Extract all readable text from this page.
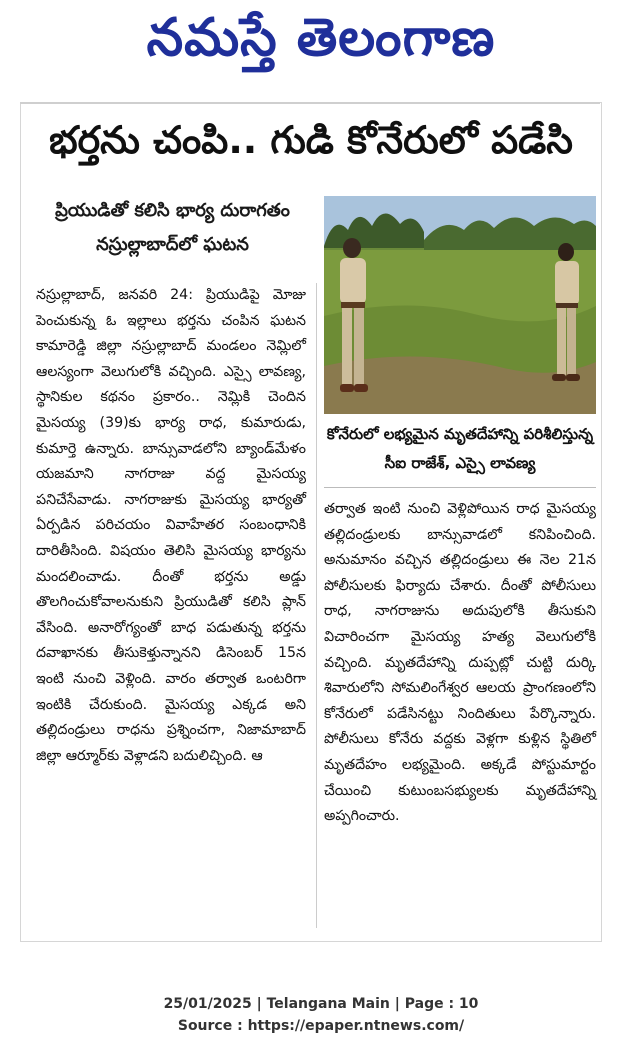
నమస్తే తెలంగాణ
భర్తను చంపి.. గుడి కోనేరులో పడేసి
ప్రియుడితో కలిసి భార్య దురాగతం
నస్రుల్లాబాద్‌లో ఘటన
కోనేరులో లభ్యమైన మృతదేహాన్ని పరిశీలిస్తున్న సీఐ రాజేశ్, ఎస్సై లావణ్య
నస్రుల్లాబాద్, జనవరి 24: ప్రియుడిపై మోజు పెంచుకున్న ఓ ఇల్లాలు భర్తను చంపిన ఘటన కామారెడ్డి జిల్లా నస్రుల్లాబాద్ మండలం నెమ్లిలో ఆలస్యంగా వెలుగులోకి వచ్చింది. ఎస్సై లావణ్య, స్థానికుల కథనం ప్రకారం.. నెమ్లికి చెందిన మైసయ్య (39)కు భార్య రాధ, కుమారుడు, కుమార్తె ఉన్నారు. బాన్సువాడలోని బ్యాండ్‌మేళం యజమాని నాగరాజు వద్ద మైసయ్య పనిచేసేవాడు. నాగరాజుకు మైసయ్య భార్యతో ఏర్పడిన పరిచయం వివాహేతర సంబంధానికి దారితీసింది. విషయం తెలిసి మైసయ్య భార్యను మందలించాడు. దీంతో భర్తను అడ్డు తొలగించుకోవాలనుకుని ప్రియుడితో కలిసి ప్లాన్ వేసింది. అనారోగ్యంతో బాధ పడుతున్న భర్తను దవాఖానకు తీసుకెళ్తున్నానని డిసెంబర్ 15న ఇంటి నుంచి వెళ్లింది. వారం తర్వాత ఒంటరిగా ఇంటికి చేరుకుంది. మైసయ్య ఎక్కడ అని తల్లిదండ్రులు రాధను ప్రశ్నించగా, నిజామాబాద్ జిల్లా ఆర్మూర్‌కు వెళ్లాడని బదులిచ్చింది. ఆ
తర్వాత ఇంటి నుంచి వెళ్లిపోయిన రాధ మైసయ్య తల్లిదండ్రులకు బాన్సువాడలో కనిపించింది. అనుమానం వచ్చిన తల్లిదండ్రులు ఈ నెల 21న పోలీసులకు ఫిర్యాదు చేశారు. దీంతో పోలీసులు రాధ, నాగరాజును అదుపులోకి తీసుకుని విచారించగా మైసయ్య హత్య వెలుగులోకి వచ్చింది. మృతదేహాన్ని దుప్పట్లో చుట్టి దుర్కి శివారులోని సోమలింగేశ్వర ఆలయ ప్రాంగణంలోని కోనేరులో పడేసినట్టు నిందితులు పేర్కొన్నారు. పోలీసులు కోనేరు వద్దకు వెళ్లగా కుళ్లిన స్థితిలో మృతదేహం లభ్యమైంది. అక్కడే పోస్టుమార్టం చేయించి కుటుంబసభ్యులకు మృతదేహాన్ని అప్పగించారు.
25/01/2025 | Telangana Main | Page : 10
Source : https://epaper.ntnews.com/
